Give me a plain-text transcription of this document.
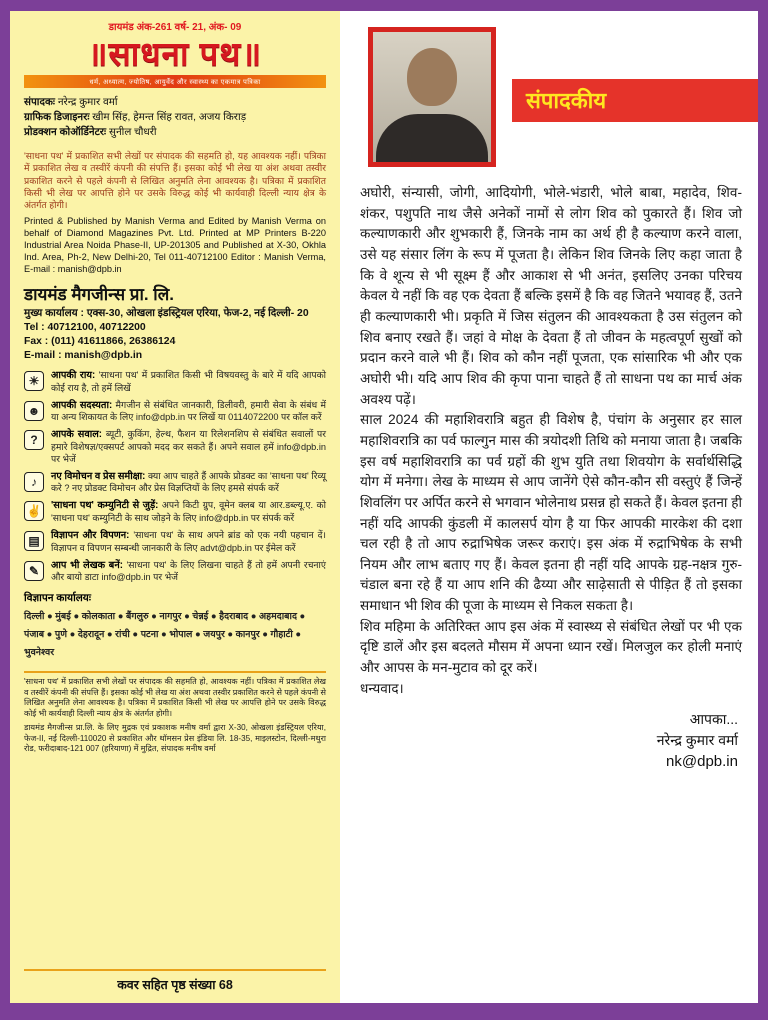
डायमंड अंक-261 वर्ष- 21, अंक- 09
॥साधना पथ॥
धर्म, अध्यात्म, ज्योतिष, आयुर्वेद और स्वास्थ्य का एकमात्र पत्रिका
संपादकः नरेन्द्र कुमार वर्मा
ग्राफिक डिजाइनरः खीम सिंह, हेमन्त सिंह रावत, अजय किराड़
प्रोडक्शन कोऑर्डिनेटरः सुनील चौधरी

'साधना पथ' में प्रकाशित सभी लेखों पर संपादक की सहमति हो, यह आवश्यक नहीं। पत्रिका में प्रकाशित लेख व तस्वीरें कंपनी की संपत्ति हैं। इसका कोई भी लेख या अंश अथवा तस्वीर प्रकाशित करने से पहले कंपनी से लिखित अनुमति लेना आवश्यक है। पत्रिका में प्रकाशित किसी भी लेख पर आपत्ति होने पर उसके विरुद्ध कोई भी कार्यवाही दिल्ली न्याय क्षेत्र के अंतर्गत होगी।

Printed & Published by Manish Verma and Edited by Manish Verma on behalf of Diamond Magazines Pvt. Ltd. Printed at MP Printers B-220 Industrial Area Noida Phase-II, UP-201305 and Published at X-30, Okhla Ind. Area, Ph-2, New Delhi-20, Tel 011-40712100 Editor : Manish Verma, E-mail : manish@dpb.in

डायमंड मैगजीन्स प्रा. लि.
मुख्य कार्यालय : एक्स-30, ओखला इंडस्ट्रियल एरिया, फेज-2, नई दिल्ली- 20
Tel : 40712100, 40712200
Fax : (011) 41611866, 26386124
E-mail : manish@dpb.in
☀	आपकी राय: 'साधना पथ' में प्रकाशित किसी भी विषयवस्तु के बारे में यदि आपको कोई राय है, तो हमें लिखें

☻	आपकी सदस्यता: मैगजीन से संबंधित जानकारी, डिलीवरी, हमारी सेवा के संबंध में या अन्य शिकायत के लिए info@dpb.in पर लिखें या 0114072200 पर कॉल करें

?	आपके सवाल: ब्यूटी, कुकिंग, हेल्थ, फैशन या रिलेशनशिप से संबंधित सवालों पर हमारे विशेषज्ञ/एक्सपर्ट आपको मदद कर सकते हैं। अपने सवाल हमें info@dpb.in पर भेजें

♪	नए विमोचन व प्रेस समीक्षा: क्या आप चाहते हैं आपके प्रोडक्ट का 'साधना पथ' रिव्यू करे ? नए प्रोडक्ट विमोचन और प्रेस विज्ञप्तियों के लिए हमसे संपर्क करें

✌ 'साधना पथ' कम्युनिटी से जुड़ें: अपने किटी ग्रुप, वूमेन क्लब या आर.डब्ल्यू.ए. को 'साधना पथ' कम्युनिटी के साथ जोड़ने के लिए info@dpb.in पर संपर्क करें

▤	विज्ञापन और विपणन: 'साधना पथ' के साथ अपने ब्रांड को एक नयी पहचान दें। विज्ञापन व विपणन सम्बन्धी जानकारी के लिए advt@dpb.in पर ईमेल करें

✎	आप भी लेखक बनें: 'साधना पथ' के लिए लिखना चाहते हैं तो हमें अपनी रचनाएं और बायो डाटा info@dpb.in पर भेजें

विज्ञापन कार्यालयः
दिल्ली ● मुंबई ● कोलकाता ● बैंगलुरु ● नागपुर ● चेन्नई ● हैदराबाद ● अहमदाबाद ● पंजाब ● पुणे ● देहरादून ● रांची ● पटना ● भोपाल ● जयपुर ● कानपुर ● गौहाटी ● भुवनेश्वर

'साधना पथ' में प्रकाशित सभी लेखों पर संपादक की सहमति हो, आवश्यक नहीं। पत्रिका में प्रकाशित लेख व तस्वीरें कंपनी की संपत्ति हैं। इसका कोई भी लेख या अंश अथवा तस्वीर प्रकाशित करने से पहले कंपनी से लिखित अनुमति लेना आवश्यक है। पत्रिका में प्रकाशित किसी भी लेख पर आपत्ति होने पर उसके विरुद्ध कोई भी कार्यवाही दिल्ली न्याय क्षेत्र के अंतर्गत होगी।

डायमंड मैगजीन्स प्रा.लि. के लिए मुद्रक एवं प्रकाशक मनीष वर्मा द्वारा X-30, ओखला इंडस्ट्रियल एरिया, फेज-II, नई दिल्ली-110020 से प्रकाशित और थॉमसन प्रेस इंडिया लि. 18-35, माइलस्टोन, दिल्ली-मथुरा रोड, फरीदाबाद-121 007 (हरियाणा) में मुद्रित, संपादक मनीष वर्मा

कवर सहित पृष्ठ संख्या 68
संपादकीय

अघोरी, संन्यासी, जोगी, आदियोगी, भोले-भंडारी, भोले बाबा, महादेव, शिव-शंकर, पशुपति नाथ जैसे अनेकों नामों से लोग शिव को पुकारते हैं। शिव जो कल्याणकारी और शुभकारी हैं, जिनके नाम का अर्थ ही है कल्याण करने वाला, उसे यह संसार लिंग के रूप में पूजता है। लेकिन शिव जिनके लिए कहा जाता है कि वे शून्य से भी सूक्ष्म हैं और आकाश से भी अनंत, इसलिए उनका परिचय केवल ये नहीं कि वह एक देवता हैं बल्कि इसमें है कि वह जितने भयावह हैं, उतने ही कल्याणकारी भी। प्रकृति में जिस संतुलन की आवश्यकता है उस संतुलन को शिव बनाए रखते हैं। जहां वे मोक्ष के देवता हैं तो जीवन के महत्वपूर्ण सुखों को प्रदान करने वाले भी हैं। शिव को कौन नहीं पूजता, एक सांसारिक भी और एक अघोरी भी। यदि आप शिव की कृपा पाना चाहते हैं तो साधना पथ का मार्च अंक अवश्य पढ़ें।

साल 2024 की महाशिवरात्रि बहुत ही विशेष है, पंचांग के अनुसार हर साल महाशिवरात्रि का पर्व फाल्गुन मास की त्रयोदशी तिथि को मनाया जाता है। जबकि इस वर्ष महाशिवरात्रि का पर्व ग्रहों की शुभ युति तथा शिवयोग के सर्वार्थसिद्धि योग में मनेगा। लेख के माध्यम से आप जानेंगे ऐसे कौन-कौन सी वस्तुएं हैं जिन्हें शिवलिंग पर अर्पित करने से भगवान भोलेनाथ प्रसन्न हो सकते हैं। केवल इतना ही नहीं यदि आपकी कुंडली में कालसर्प योग है या फिर आपकी मारकेश की दशा चल रही है तो आप रुद्राभिषेक जरूर कराएं। इस अंक में रुद्राभिषेक के सभी नियम और लाभ बताए गए हैं। केवल इतना ही नहीं यदि आपके ग्रह-नक्षत्र गुरु-चंडाल बना रहे हैं या आप शनि की ढैय्या और साढ़ेसाती से पीड़ित हैं तो इसका समाधान भी शिव की पूजा के माध्यम से निकल सकता है।

शिव महिमा के अतिरिक्त आप इस अंक में स्वास्थ्य से संबंधित लेखों पर भी एक दृष्टि डालें और इस बदलते मौसम में अपना ध्यान रखें। मिलजुल कर होली मनाएं और आपस के मन-मुटाव को दूर करें।

धन्यवाद।

आपका...
नरेन्द्र कुमार वर्मा
nk@dpb.in
